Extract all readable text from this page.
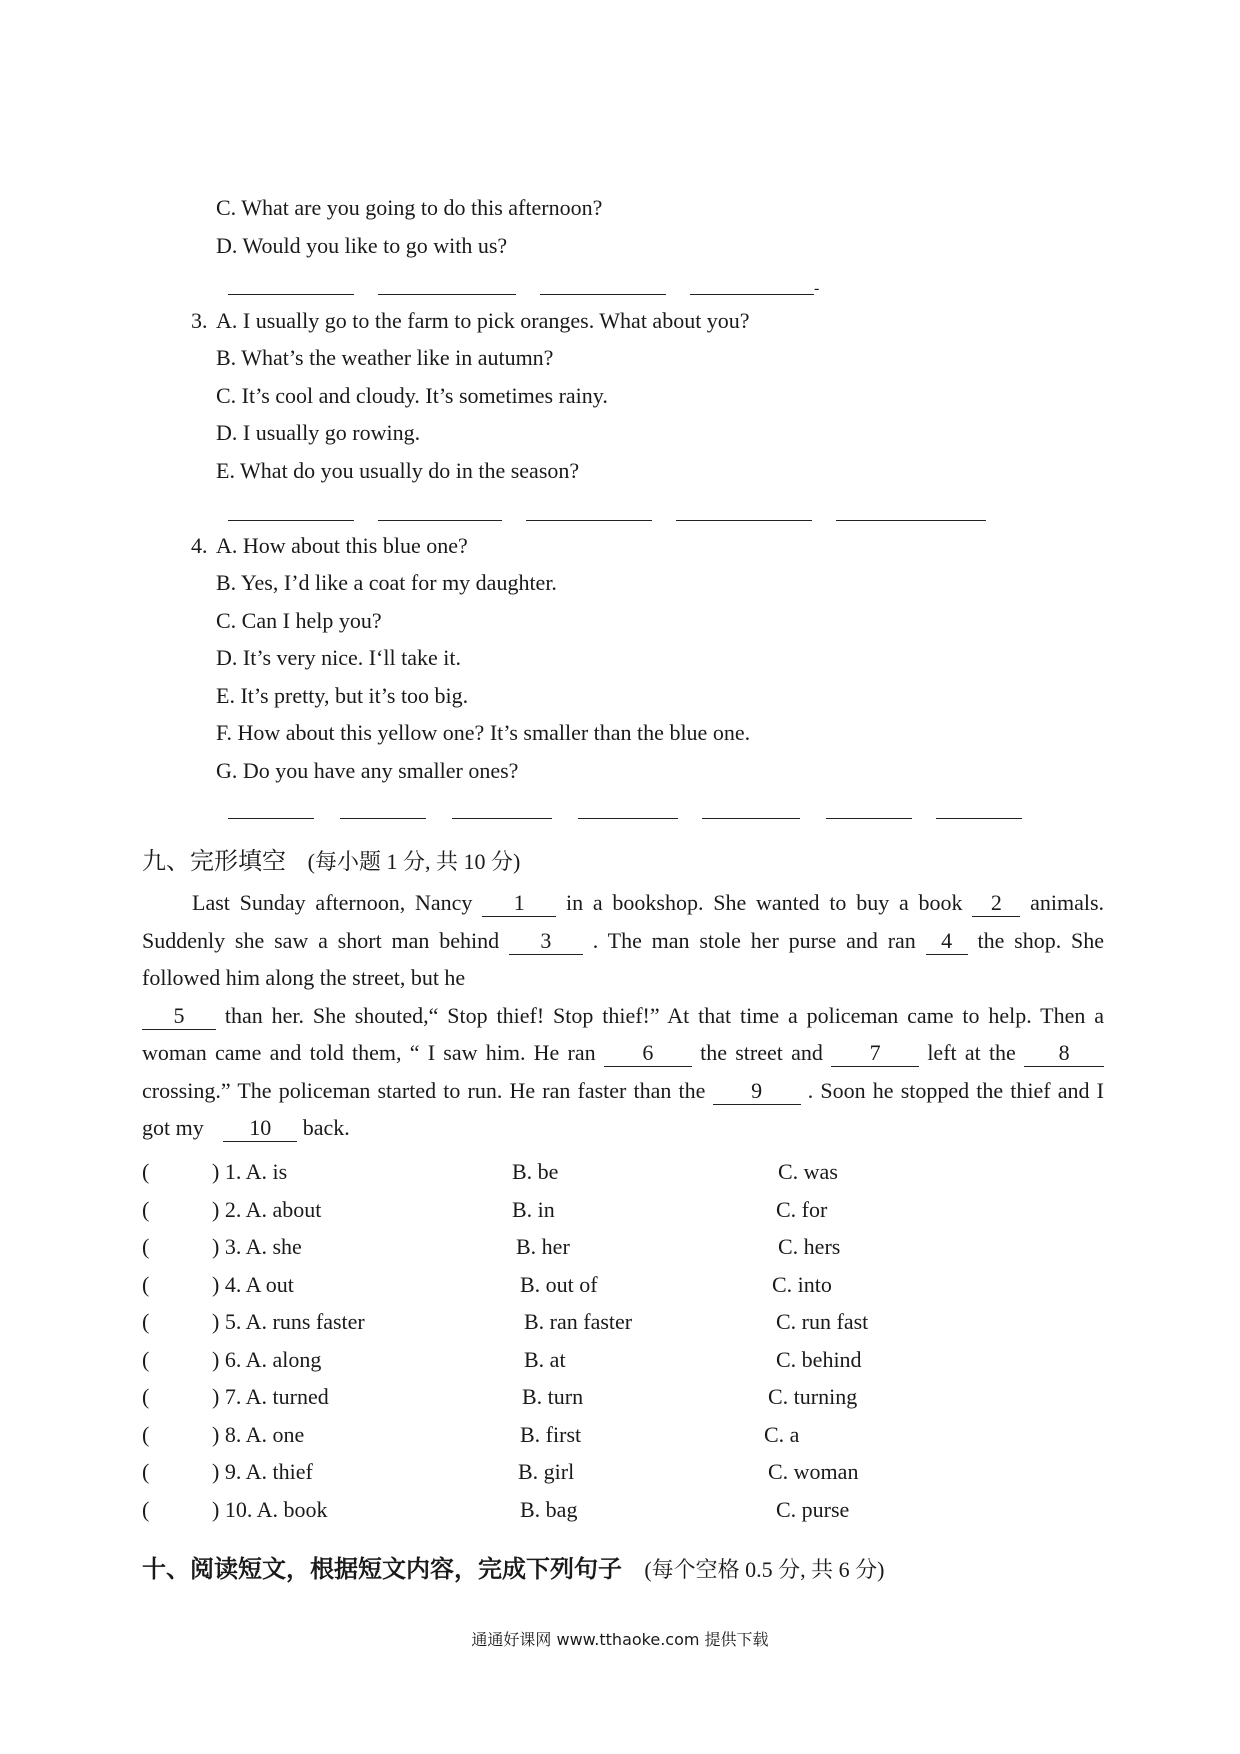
C. What are you going to do this afternoon?
D. Would you like to go with us?
-
3. A. I usually go to the farm to pick oranges. What about you?
B. What’s the weather like in autumn?
C. It’s cool and cloudy. It’s sometimes rainy.
D. I usually go rowing.
E. What do you usually do in the season?
4. A. How about this blue one?
B. Yes, I’d like a coat for my daughter.
C. Can I help you?
D. It’s very nice. I‘ll take it.
E. It’s pretty, but it’s too big.
F. How about this yellow one? It’s smaller than the blue one.
G. Do you have any smaller ones?
九、完形填空 (每小题 1 分, 共 10 分)
Last Sunday afternoon, Nancy 1 in a bookshop. She wanted to buy a book 2 animals. Suddenly she saw a short man behind 3 . The man stole her purse and ran 4 the shop. She followed him along the street, but he
5 than her. She shouted,“ Stop thief! Stop thief!” At that time a policeman came to help. Then a woman came and told them, “ I saw him. He ran 6 the street and 7 left at the 8crossing.” The policeman started to run. He ran faster than the 9 . Soon he stopped the thief and I got my 10 back.
(	) 1. A. is	B. be	C. was
(	) 2. A. about	B. in	C. for
(	) 3. A. she	B. her	C. hers
(	) 4. A out	B. out of	C. into
(	) 5. A. runs faster	B. ran faster	C. run fast
(	) 6. A. along	B. at	C. behind
(	) 7. A. turned	B. turn	C. turning
(	) 8. A. one	B. first	C. a
(	) 9. A. thief	B. girl	C. woman
(	) 10. A. book	B. bag	C. purse
十、阅读短文，根据短文内容，完成下列句子 (每个空格 0.5 分, 共 6 分)
通通好课网 www.tthaoke.com 提供下载
